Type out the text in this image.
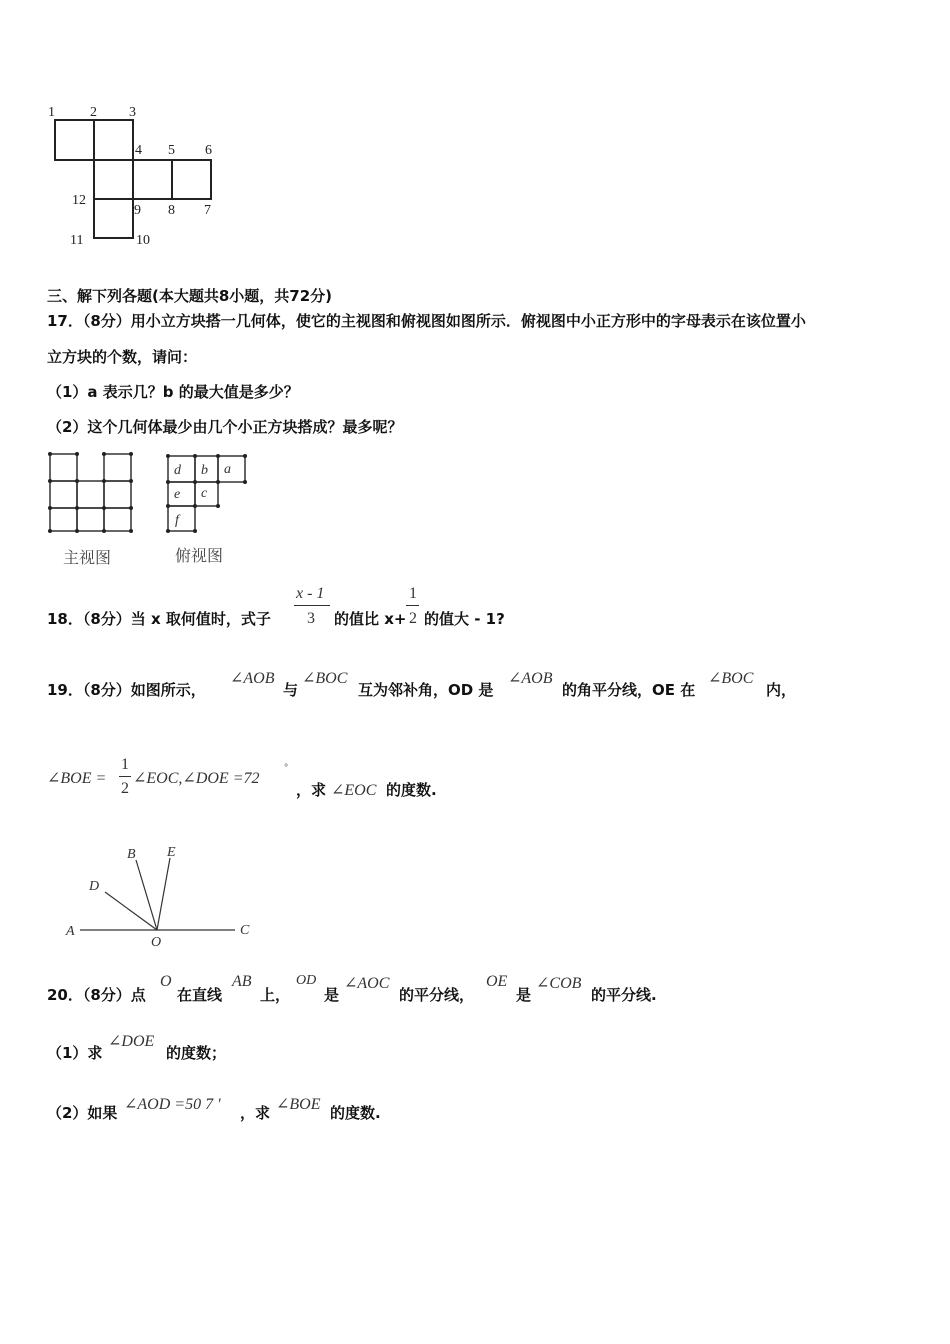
1	2 3
4 5 6
7
8
9
10
11
12
三、解下列各题(本大题共8小题，共72分)
17．（8分）用小立方块搭一几何体，使它的主视图和俯视图如图所示．俯视图中小正方形中的字母表示在该位置小
立方块的个数，请问：
（1）a 表示几？b 的最大值是多少？
（2）这个几何体最少由几个小正方块搭成？最多呢？
主视图
d b a
e c
f
俯视图
18．（8分）当 x 取何值时，式子
x - 1
3 的值比 x+
1
2 的值大 - 1?
19．（8分）如图所示，
∠AOB
与
∠BOC
互为邻补角，OD 是
∠AOB
的角平分线，OE 在
∠BOC
内，
∠BOE =
1
2
∠EOC,∠DOE =72
°
，求 ∠EOC 的度数.
A
O
C
B E
D
20．（8分）点
O
在直线
AB
上，
OD
是
∠AOC
的平分线，
OE
是
∠COB
的平分线.
（1）求
∠DOE
的度数；
（2）如果 ∠AOD =50 7 ′ ，求 ∠BOE 的度数.
